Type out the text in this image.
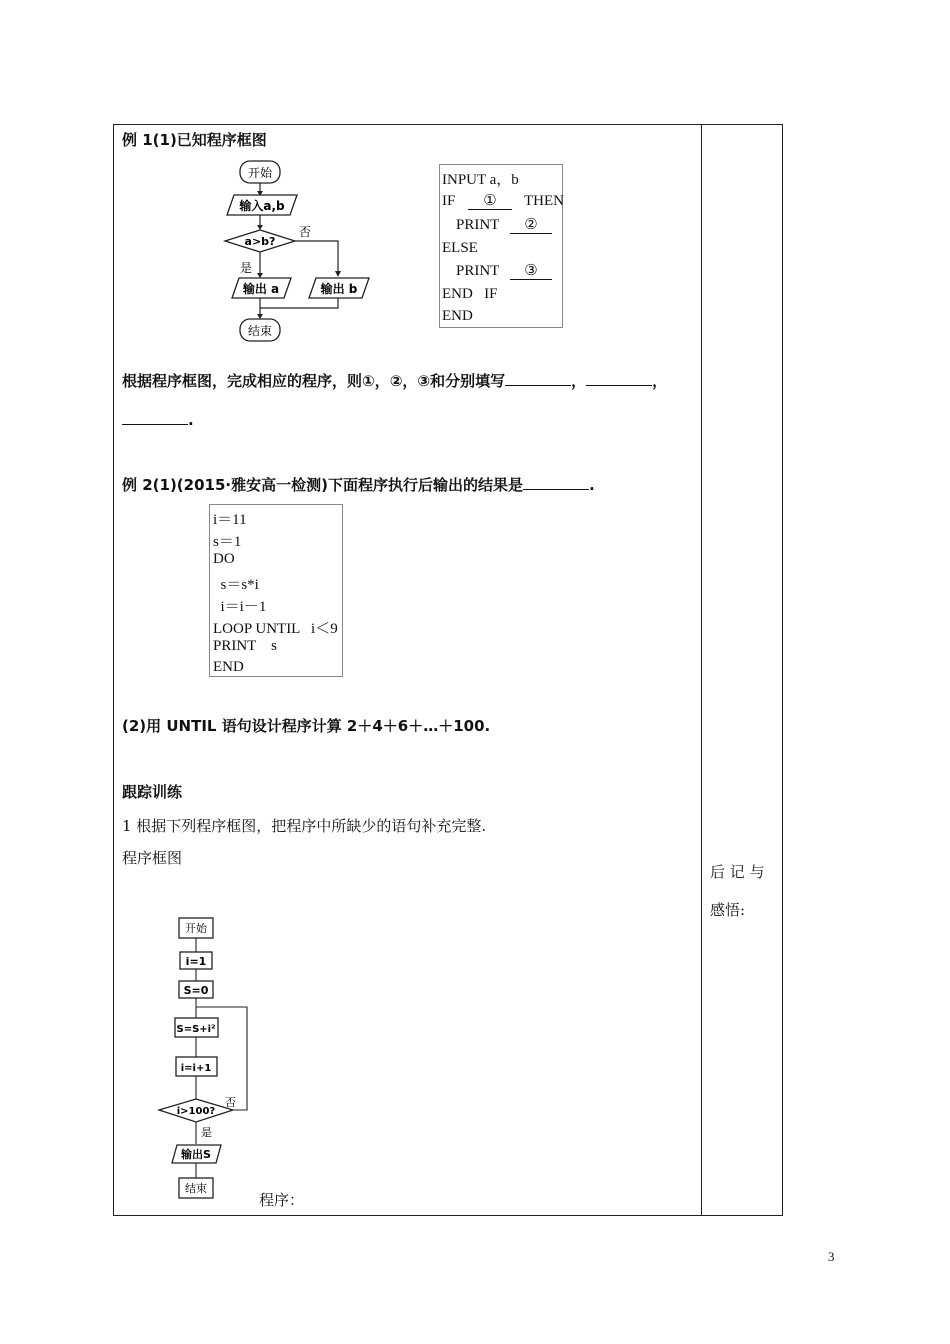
例 1(1)已知程序框图
开始
输入a,b
a>b?
否
是
输出 a	输出 b
结束
INPUT a，b
IF	①	THEN
PRINT	②
ELSE
PRINT	③
END   IF
END
根据程序框图，完成相应的程序，则①，②，③和分别填写	，	，
.
例 2(1)(2015·雅安高一检测)下面程序执行后输出的结果是	.
i＝11
s＝1
DO
s＝s*i
i＝i－1
LOOP UNTIL   i＜9
PRINT    s
END
(2)用 UNTIL 语句设计程序计算 2＋4＋6＋…＋100.
跟踪训练
1 根据下列程序框图，把程序中所缺少的语句补充完整.
程序框图
开始
i=1
S=0
S=S+i²
i=i+1
i>100?
否
是
输出S
结束
程序：
后 记 与
感悟:
3
